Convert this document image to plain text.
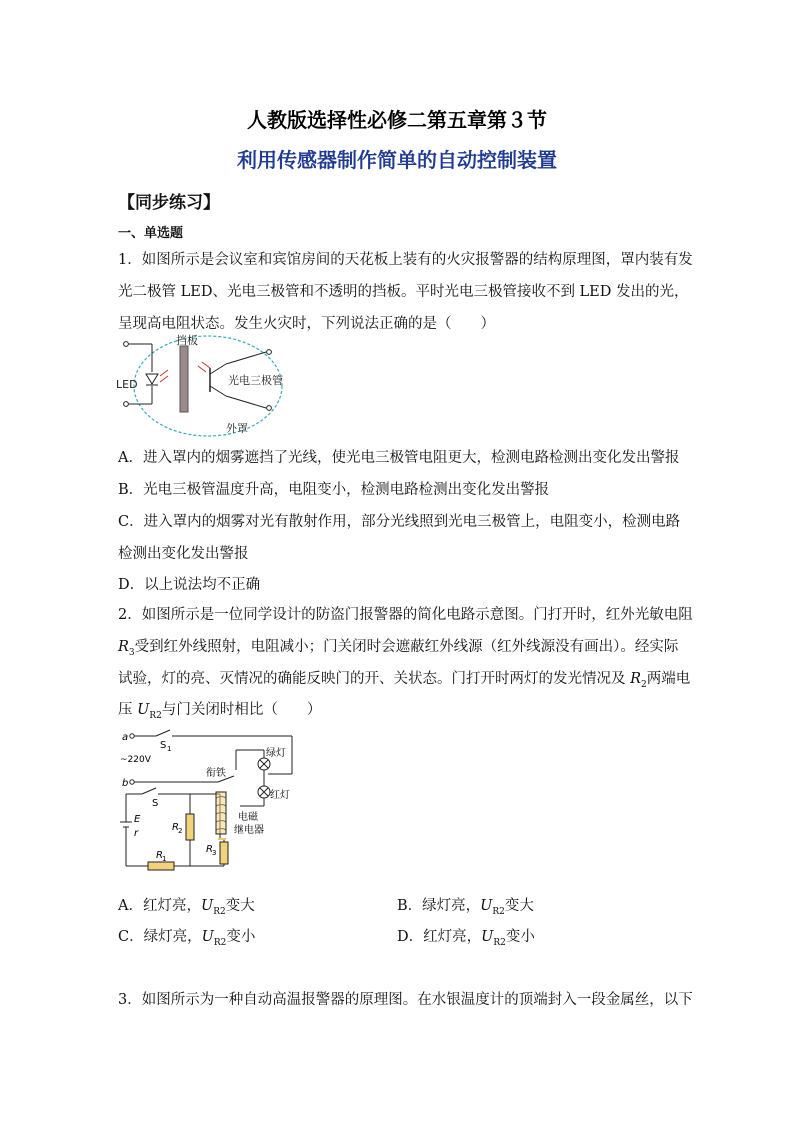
人教版选择性必修二第五章第３节
利用传感器制作简单的自动控制装置
【同步练习】
一、单选题
1．如图所示是会议室和宾馆房间的天花板上装有的火灾报警器的结构原理图，罩内装有发
光二极管 LED、光电三极管和不透明的挡板。平时光电三极管接收不到 LED 发出的光，
呈现高电阻状态。发生火灾时，下列说法正确的是（　　）
挡板
LED	光电三极管
外罩
A．进入罩内的烟雾遮挡了光线，使光电三极管电阻更大，检测电路检测出变化发出警报
B．光电三极管温度升高，电阻变小，检测电路检测出变化发出警报
C．进入罩内的烟雾对光有散射作用，部分光线照到光电三极管上，电阻变小，检测电路
检测出变化发出警报
D．以上说法均不正确
2．如图所示是一位同学设计的防盗门报警器的简化电路示意图。门打开时，红外光敏电阻
$R_3$受到红外线照射，电阻减小；门关闭时会遮蔽红外线源（红外线源没有画出）。经实际
试验，灯的亮、灭情况的确能反映门的开、关状态。门打开时两灯的发光情况及 $R_2$两端电
压 $U_{R2}$与门关闭时相比（　　）
a
S 1
~220V
b
S
衔铁
绿灯
红灯
电磁
继电器
E
r
R 1
R 2
R 3
A．红灯亮，$U_{R2}$变大	B．绿灯亮，$U_{R2}$变大
C．绿灯亮，$U_{R2}$变小	D．红灯亮，$U_{R2}$变小
3．如图所示为一种自动高温报警器的原理图。在水银温度计的顶端封入一段金属丝，以下
